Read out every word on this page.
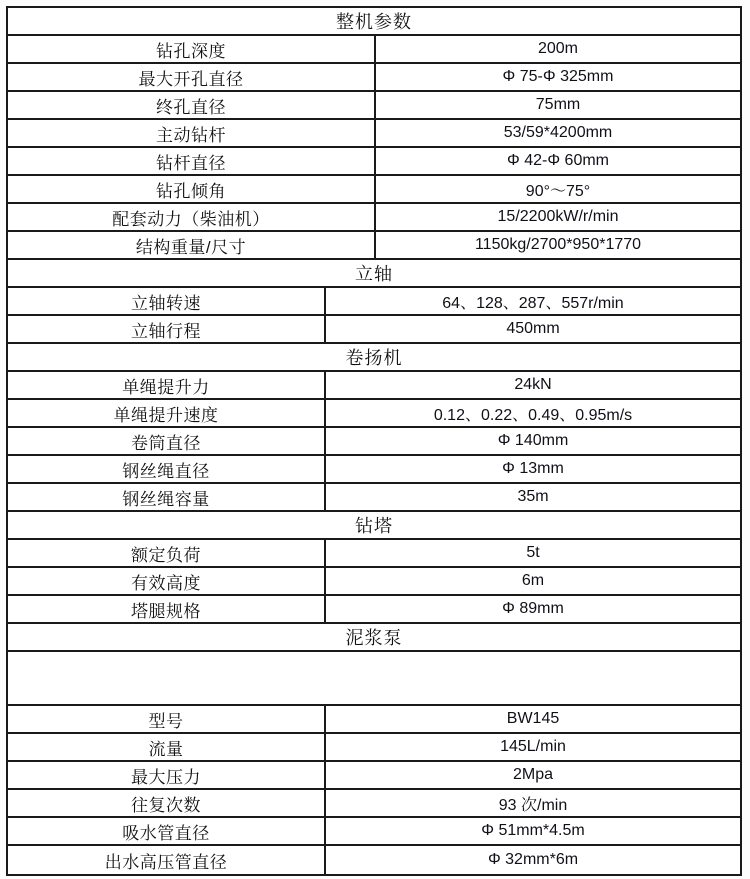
整机参数
钻孔深度	200m
最大开孔直径	Φ 75-Φ 325mm
终孔直径	75mm
主动钻杆	53/59*4200mm
钻杆直径	Φ 42-Φ 60mm
钻孔倾角	90°～75°
配套动力（柴油机）	15/2200kW/r/min
结构重量/尺寸	1150kg/2700*950*1770
立轴
立轴转速	64、128、287、557r/min
立轴行程	450mm
卷扬机
单绳提升力	24kN
单绳提升速度	0.12、0.22、0.49、0.95m/s
卷筒直径	Φ 140mm
钢丝绳直径	Φ 13mm
钢丝绳容量	35m
钻塔
额定负荷	5t
有效高度	6m
塔腿规格	Φ 89mm
泥浆泵
型号	BW145
流量	145L/min
最大压力	2Mpa
往复次数	93 次/min
吸水管直径	Φ 51mm*4.5m
出水高压管直径	Φ 32mm*6m
